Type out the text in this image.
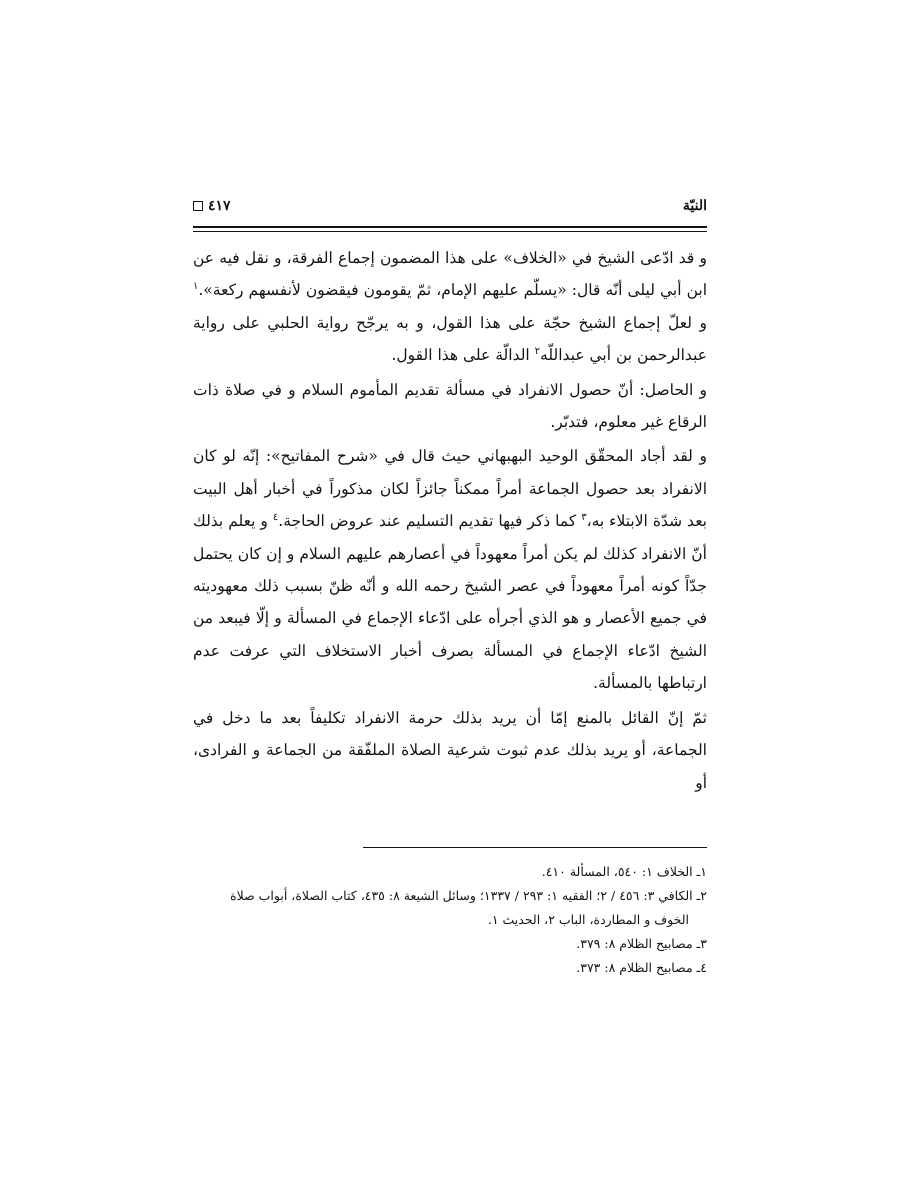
النيّة
٤١٧

و قد ادّعى الشيخ في «الخلاف» على هذا المضمون إجماع الفرقة، و نقل فيه عن ابن أبي ليلى أنّه قال: «يسلّم عليهم الإمام، ثمّ يقومون فيقضون لأنفسهم ركعة».$^١$ و لعلّ إجماع الشيخ حجّة على هذا القول، و به يرجّح رواية الحلبي على رواية عبدالرحمن بن أبي عبداللّه$^٢$ الدالّة على هذا القول.

و الحاصل: أنّ حصول الانفراد في مسألة تقديم المأموم السلام و في صلاة ذات الرقاع غير معلوم، فتدبّر.

و لقد أجاد المحقّق الوحيد البهبهاني حيث قال في «شرح المفاتيح»: إنّه لو كان الانفراد بعد حصول الجماعة أمراً ممكناً جائزاً لكان مذكوراً في أخبار أهل البيت بعد شدّة الابتلاء به،$^٣$ كما ذكر فيها تقديم التسليم عند عروض الحاجة.$^٤$ و يعلم بذلك أنّ الانفراد كذلك لم يكن أمراً معهوداً في أعصارهم عليهم السلام و إن كان يحتمل جدّاً كونه أمراً معهوداً في عصر الشيخ رحمه الله و أنّه ظنّ بسبب ذلك معهوديته في جميع الأعصار و هو الذي أجرأه على ادّعاء الإجماع في المسألة و إلّا فيبعد من الشيخ ادّعاء الإجماع في المسألة بصرف أخبار الاستخلاف التي عرفت عدم ارتباطها بالمسألة.

ثمّ إنّ القائل بالمنع إمّا أن يريد بذلك حرمة الانفراد تكليفاً بعد ما دخل في الجماعة، أو يريد بذلك عدم ثبوت شرعية الصلاة الملفّقة من الجماعة و الفرادى، أو

١ـ الخلاف ١: ٥٤٠، المسألة ٤١٠.

٢ـ الكافي ٣: ٤٥٦ / ٢؛ الفقيه ١: ٢٩٣ / ١٣٣٧؛ وسائل الشيعة ٨: ٤٣٥، كتاب الصلاة، أبواب صلاة

الخوف و المطاردة، الباب ٢، الحديث ١.

٣ـ مصابيح الظلام ٨: ٣٧٩.

٤ـ مصابيح الظلام ٨: ٣٧٣.
